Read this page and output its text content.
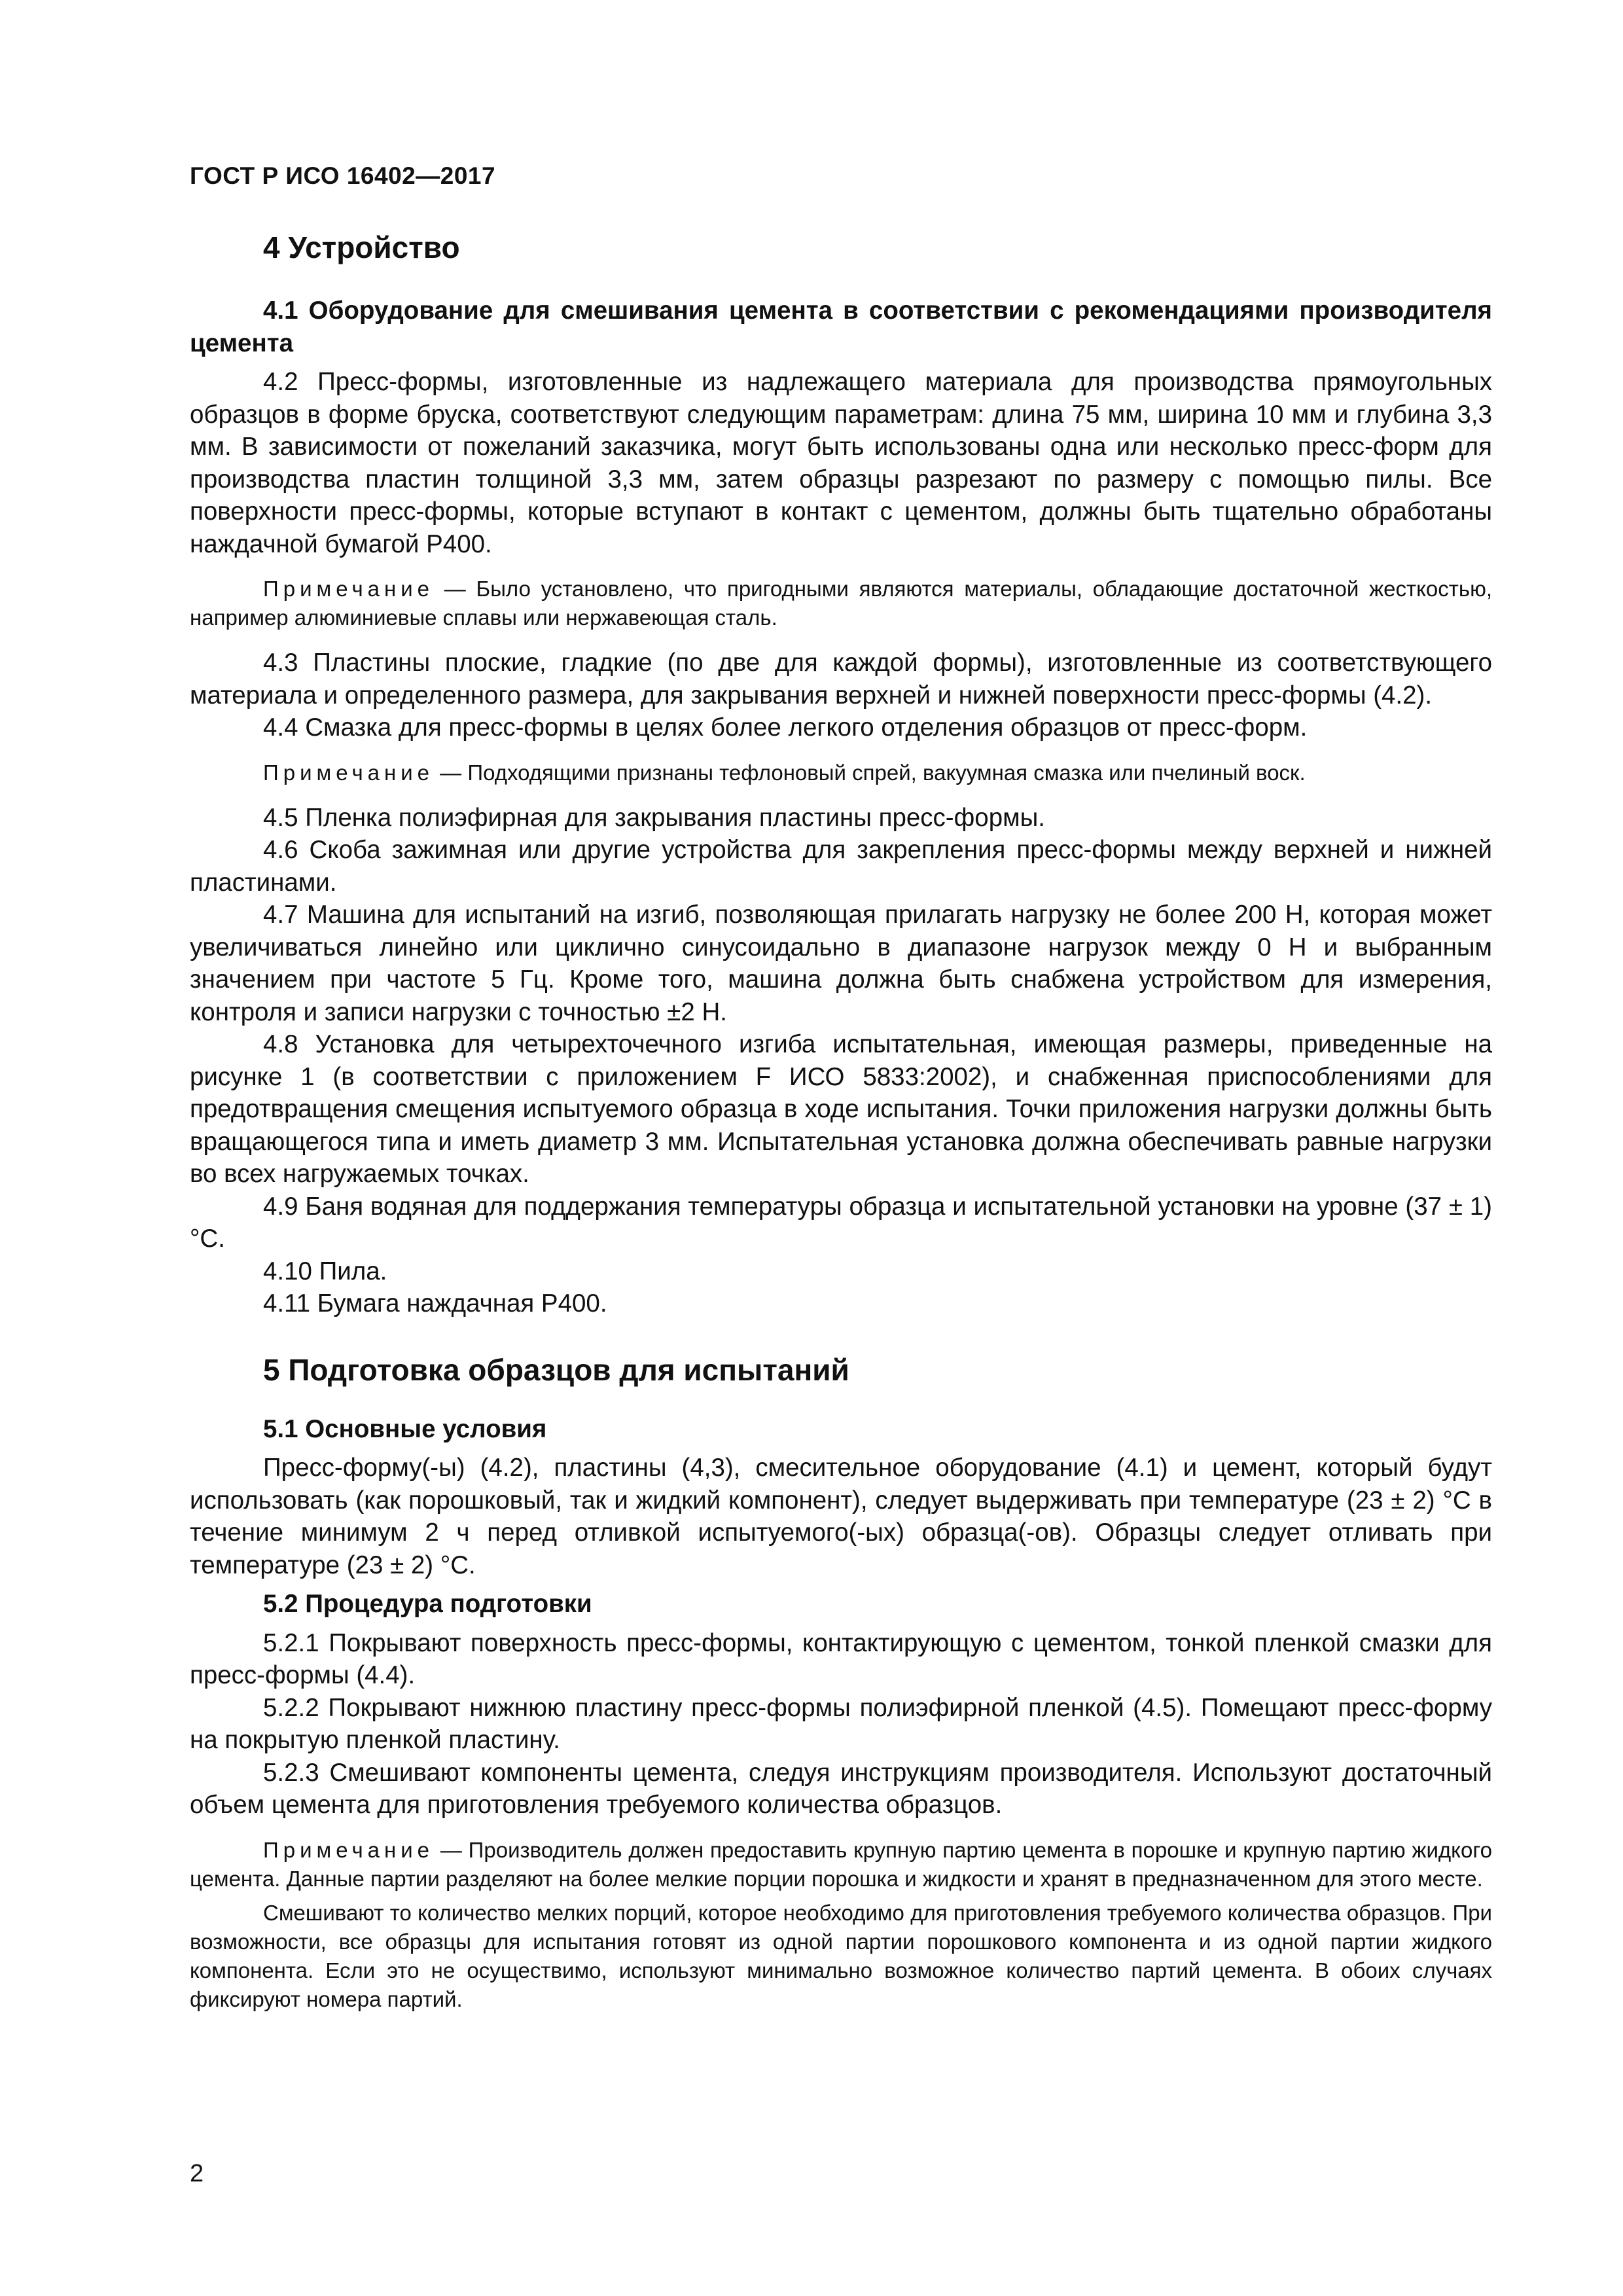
ГОСТ Р ИСО 16402—2017
4 Устройство

4.1 Оборудование для смешивания цемента в соответствии с рекомендациями производителя цемента

4.2 Пресс-формы, изготовленные из надлежащего материала для производства прямоугольных образцов в форме бруска, соответствуют следующим параметрам: длина 75 мм, ширина 10 мм и глубина 3,3 мм. В зависимости от пожеланий заказчика, могут быть использованы одна или несколько пресс-форм для производства пластин толщиной 3,3 мм, затем образцы разрезают по размеру с помощью пилы. Все поверхности пресс-формы, которые вступают в контакт с цементом, должны быть тщательно обработаны наждачной бумагой Р400.

Примечание — Было установлено, что пригодными являются материалы, обладающие достаточной жесткостью, например алюминиевые сплавы или нержавеющая сталь.

4.3 Пластины плоские, гладкие (по две для каждой формы), изготовленные из соответствующего материала и определенного размера, для закрывания верхней и нижней поверхности пресс-формы (4.2).

4.4 Смазка для пресс-формы в целях более легкого отделения образцов от пресс-форм.

Примечание — Подходящими признаны тефлоновый спрей, вакуумная смазка или пчелиный воск.

4.5 Пленка полиэфирная для закрывания пластины пресс-формы.

4.6 Скоба зажимная или другие устройства для закрепления пресс-формы между верхней и нижней пластинами.

4.7 Машина для испытаний на изгиб, позволяющая прилагать нагрузку не более 200 Н, которая может увеличиваться линейно или циклично синусоидально в диапазоне нагрузок между 0 Н и выбранным значением при частоте 5 Гц. Кроме того, машина должна быть снабжена устройством для измерения, контроля и записи нагрузки с точностью ±2 Н.

4.8 Установка для четырехточечного изгиба испытательная, имеющая размеры, приведенные на рисунке 1 (в соответствии с приложением F ИСО 5833:2002), и снабженная приспособлениями для предотвращения смещения испытуемого образца в ходе испытания. Точки приложения нагрузки должны быть вращающегося типа и иметь диаметр 3 мм. Испытательная установка должна обеспечивать равные нагрузки во всех нагружаемых точках.

4.9 Баня водяная для поддержания температуры образца и испытательной установки на уровне (37 ± 1) °С.

4.10 Пила.

4.11 Бумага наждачная Р400.

5 Подготовка образцов для испытаний

5.1 Основные условия

Пресс-форму(-ы) (4.2), пластины (4,3), смесительное оборудование (4.1) и цемент, который будут использовать (как порошковый, так и жидкий компонент), следует выдерживать при температуре (23 ± 2) °С в течение минимум 2 ч перед отливкой испытуемого(-ых) образца(-ов). Образцы следует отливать при температуре (23 ± 2) °С.

5.2 Процедура подготовки

5.2.1 Покрывают поверхность пресс-формы, контактирующую с цементом, тонкой пленкой смазки для пресс-формы (4.4).

5.2.2 Покрывают нижнюю пластину пресс-формы полиэфирной пленкой (4.5). Помещают пресс-форму на покрытую пленкой пластину.

5.2.3 Смешивают компоненты цемента, следуя инструкциям производителя. Используют достаточный объем цемента для приготовления требуемого количества образцов.

Примечание — Производитель должен предоставить крупную партию цемента в порошке и крупную партию жидкого цемента. Данные партии разделяют на более мелкие порции порошка и жидкости и хранят в предназначенном для этого месте.

Смешивают то количество мелких порций, которое необходимо для приготовления требуемого количества образцов. При возможности, все образцы для испытания готовят из одной партии порошкового компонента и из одной партии жидкого компонента. Если это не осуществимо, используют минимально возможное количество партий цемента. В обоих случаях фиксируют номера партий.

2
